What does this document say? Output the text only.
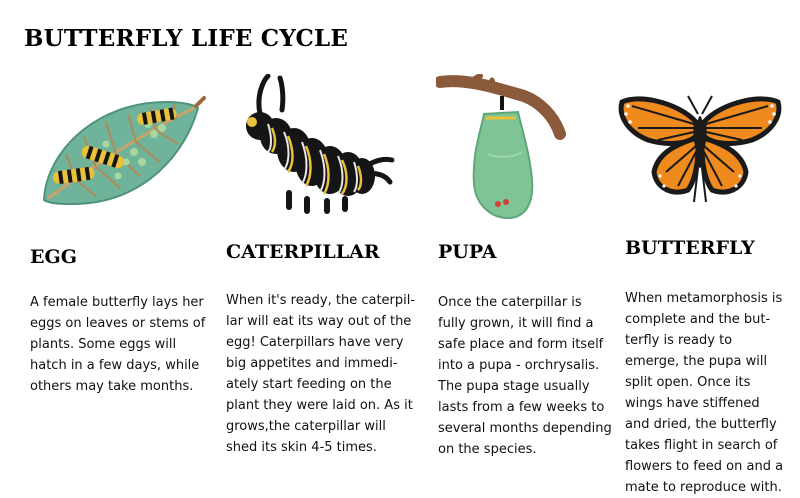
BUTTERFLY LIFE CYCLE
EGG	CATERPILLAR	PUPA	BUTTERFLY
A female butterfly lays her
eggs on leaves or stems of
plants. Some eggs will
hatch in a few days, while
others may take months.
When it's ready, the caterpil-
lar will eat its way out of the
egg! Caterpillars have very
big appetites and immedi-
ately start feeding on the
plant they were laid on. As it
grows,the caterpillar will
shed its skin 4-5 times.
Once the caterpillar is
fully grown, it will find a
safe place and form itself
into a pupa - orchrysalis.
The pupa stage usually
lasts from a few weeks to
several months depending
on the species.
When metamorphosis is
complete and the but-
terfly is ready to
emerge, the pupa will
split open. Once its
wings have stiffened
and dried, the butterfly
takes flight in search of
flowers to feed on and a
mate to reproduce with.
